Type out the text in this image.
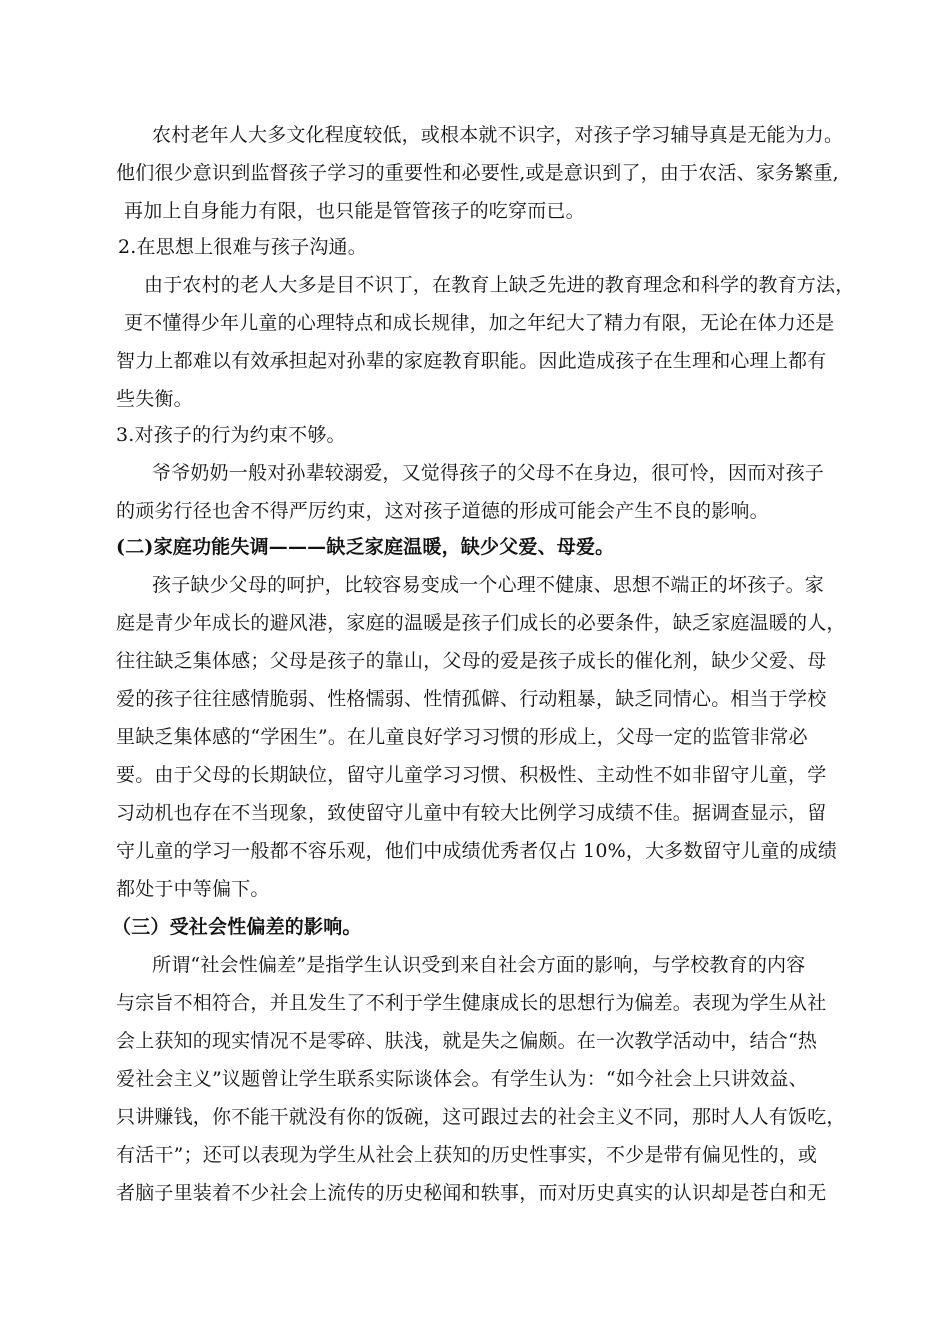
农村老年人大多文化程度较低，或根本就不识字，对孩子学习辅导真是无能为力。
他们很少意识到监督孩子学习的重要性和必要性,或是意识到了，由于农活、家务繁重,
再加上自身能力有限，也只能是管管孩子的吃穿而已。
2.在思想上很难与孩子沟通。
由于农村的老人大多是目不识丁，在教育上缺乏先进的教育理念和科学的教育方法，
更不懂得少年儿童的心理特点和成长规律，加之年纪大了精力有限，无论在体力还是
智力上都难以有效承担起对孙辈的家庭教育职能。因此造成孩子在生理和心理上都有
些失衡。
3.对孩子的行为约束不够。
爷爷奶奶一般对孙辈较溺爱，又觉得孩子的父母不在身边，很可怜，因而对孩子
的顽劣行径也舍不得严厉约束，这对孩子道德的形成可能会产生不良的影响。
(二)家庭功能失调———缺乏家庭温暖，缺少父爱、母爱。
孩子缺少父母的呵护，比较容易变成一个心理不健康、思想不端正的坏孩子。家
庭是青少年成长的避风港，家庭的温暖是孩子们成长的必要条件，缺乏家庭温暖的人，
往往缺乏集体感；父母是孩子的靠山，父母的爱是孩子成长的催化剂，缺少父爱、母
爱的孩子往往感情脆弱、性格懦弱、性情孤僻、行动粗暴，缺乏同情心。相当于学校
里缺乏集体感的“学困生”。在儿童良好学习习惯的形成上，父母一定的监管非常必
要。由于父母的长期缺位，留守儿童学习习惯、积极性、主动性不如非留守儿童，学
习动机也存在不当现象，致使留守儿童中有较大比例学习成绩不佳。据调查显示，留
守儿童的学习一般都不容乐观，他们中成绩优秀者仅占 10%，大多数留守儿童的成绩
都处于中等偏下。
（三）受社会性偏差的影响。
所谓“社会性偏差”是指学生认识受到来自社会方面的影响，与学校教育的内容
与宗旨不相符合，并且发生了不利于学生健康成长的思想行为偏差。表现为学生从社
会上获知的现实情况不是零碎、肤浅，就是失之偏颇。在一次教学活动中，结合“热
爱社会主义”议题曾让学生联系实际谈体会。有学生认为：“如今社会上只讲效益、
只讲赚钱，你不能干就没有你的饭碗，这可跟过去的社会主义不同，那时人人有饭吃，
有活干”；还可以表现为学生从社会上获知的历史性事实，不少是带有偏见性的，或
者脑子里装着不少社会上流传的历史秘闻和轶事，而对历史真实的认识却是苍白和无
